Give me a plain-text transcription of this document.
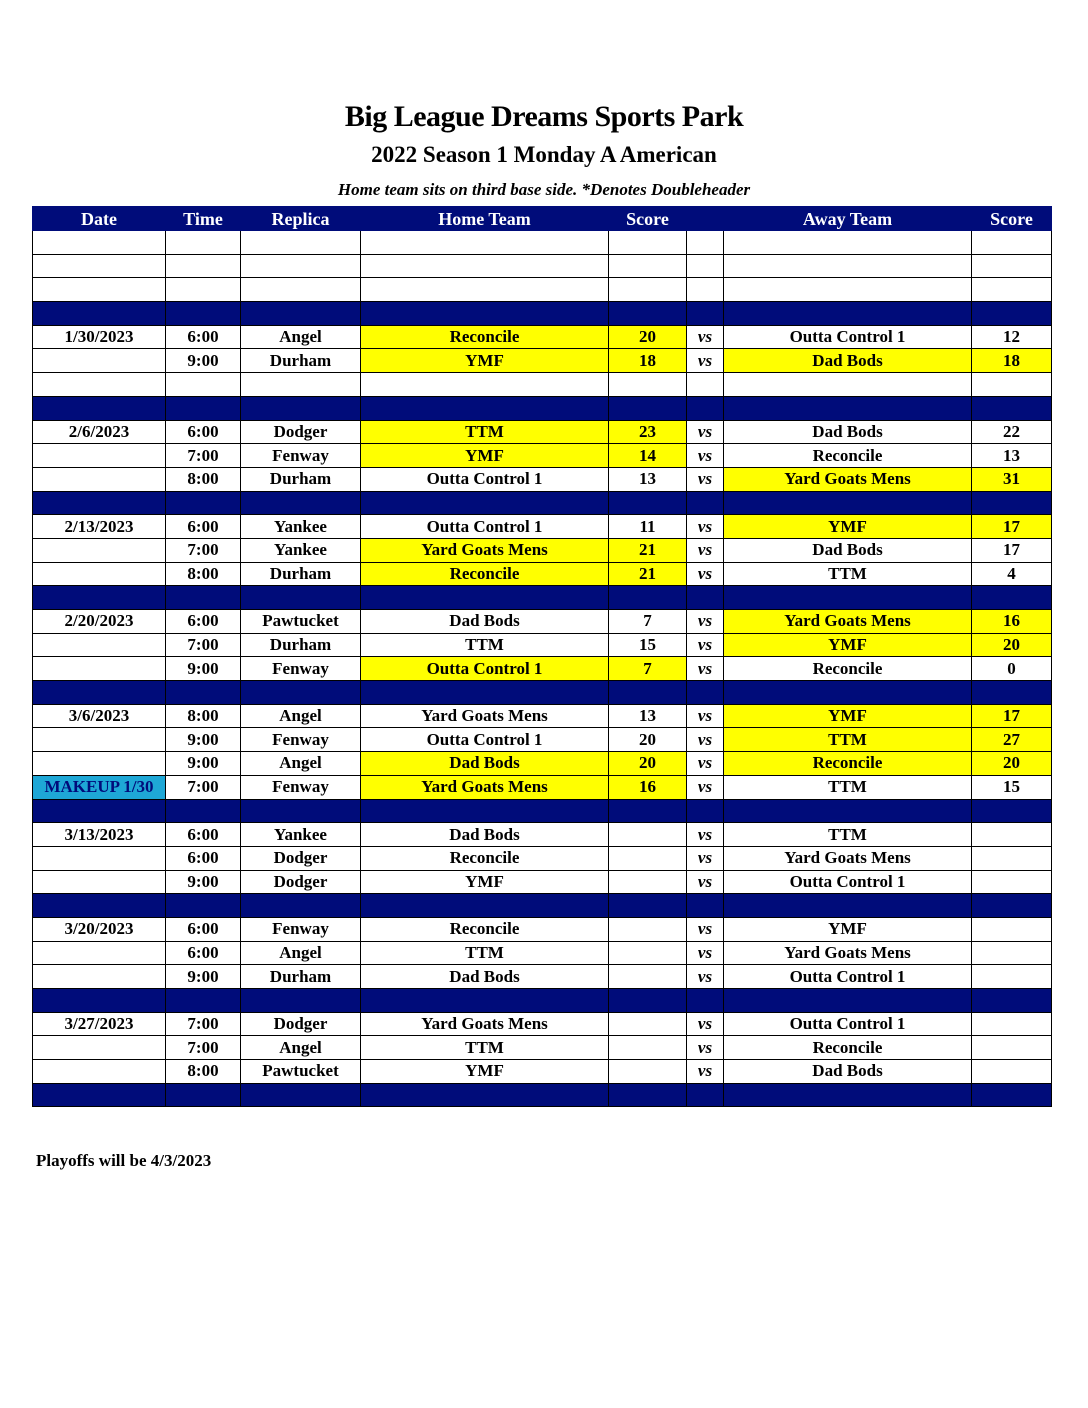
Big League Dreams Sports Park
2022 Season 1 Monday A American
Home team sits on third base side. *Denotes Doubleheader
Date	Time	Replica	Home Team	Score		Away Team	Score

1/30/2023	6:00	Angel	Reconcile	20	vs	Outta Control 1	12
	9:00	Durham	YMF	18	vs	Dad Bods	18

2/6/2023	6:00	Dodger	TTM	23	vs	Dad Bods	22
	7:00	Fenway	YMF	14	vs	Reconcile	13
	8:00	Durham	Outta Control 1	13	vs	Yard Goats Mens	31

2/13/2023	6:00	Yankee	Outta Control 1	11	vs	YMF	17
	7:00	Yankee	Yard Goats Mens	21	vs	Dad Bods	17
	8:00	Durham	Reconcile	21	vs	TTM	4

2/20/2023	6:00	Pawtucket	Dad Bods	7	vs	Yard Goats Mens	16
	7:00	Durham	TTM	15	vs	YMF	20
	9:00	Fenway	Outta Control 1	7	vs	Reconcile	0

3/6/2023	8:00	Angel	Yard Goats Mens	13	vs	YMF	17
	9:00	Fenway	Outta Control 1	20	vs	TTM	27
	9:00	Angel	Dad Bods	20	vs	Reconcile	20
MAKEUP 1/30	7:00	Fenway	Yard Goats Mens	16	vs	TTM	15

3/13/2023	6:00	Yankee	Dad Bods		vs	TTM	
	6:00	Dodger	Reconcile		vs	Yard Goats Mens	
	9:00	Dodger	YMF		vs	Outta Control 1	

3/20/2023	6:00	Fenway	Reconcile		vs	YMF	
	6:00	Angel	TTM		vs	Yard Goats Mens	
	9:00	Durham	Dad Bods		vs	Outta Control 1	

3/27/2023	7:00	Dodger	Yard Goats Mens		vs	Outta Control 1	
	7:00	Angel	TTM		vs	Reconcile	
	8:00	Pawtucket	YMF		vs	Dad Bods	

Playoffs will be 4/3/2023
